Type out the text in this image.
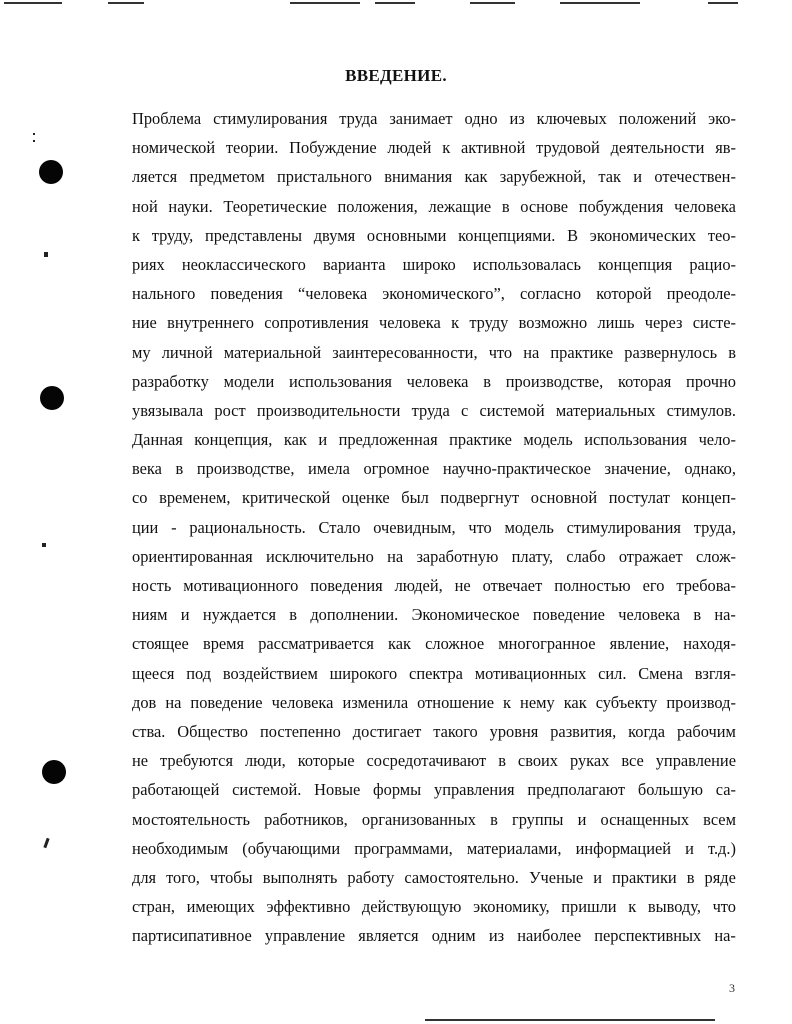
ВВЕДЕНИЕ.
Проблема стимулирования труда занимает одно из ключевых положений эко-
номической теории. Побуждение людей к активной трудовой деятельности яв-
ляется предметом пристального внимания как зарубежной, так и отечествен-
ной науки. Теоретические положения, лежащие в основе побуждения человека
к труду, представлены двумя основными концепциями. В экономических тео-
риях неоклассического варианта широко использовалась концепция рацио-
нального поведения “человека экономического”, согласно которой преодоле-
ние внутреннего сопротивления человека к труду возможно лишь через систе-
му личной материальной заинтересованности, что на практике развернулось в
разработку модели использования человека в производстве, которая прочно
увязывала рост производительности труда с системой материальных стимулов.
Данная концепция, как и предложенная практике модель использования чело-
века в производстве, имела огромное научно-практическое значение, однако,
со временем, критической оценке был подвергнут основной постулат концеп-
ции - рациональность. Стало очевидным, что модель стимулирования труда,
ориентированная исключительно на заработную плату, слабо отражает слож-
ность мотивационного поведения людей, не отвечает полностью его требова-
ниям и нуждается в дополнении. Экономическое поведение человека в на-
стоящее время рассматривается как сложное многогранное явление, находя-
щееся под воздействием широкого спектра мотивационных сил. Смена взгля-
дов на поведение человека изменила отношение к нему как субъекту производ-
ства. Общество постепенно достигает такого уровня развития, когда рабочим
не требуются люди, которые сосредотачивают в своих руках все управление
работающей системой. Новые формы управления предполагают большую са-
мостоятельность работников, организованных в группы и оснащенных всем
необходимым (обучающими программами, материалами, информацией и т.д.)
для того, чтобы выполнять работу самостоятельно. Ученые и практики в ряде
стран, имеющих эффективно действующую экономику, пришли к выводу, что
партисипативное управление является одним из наиболее перспективных на-
3
